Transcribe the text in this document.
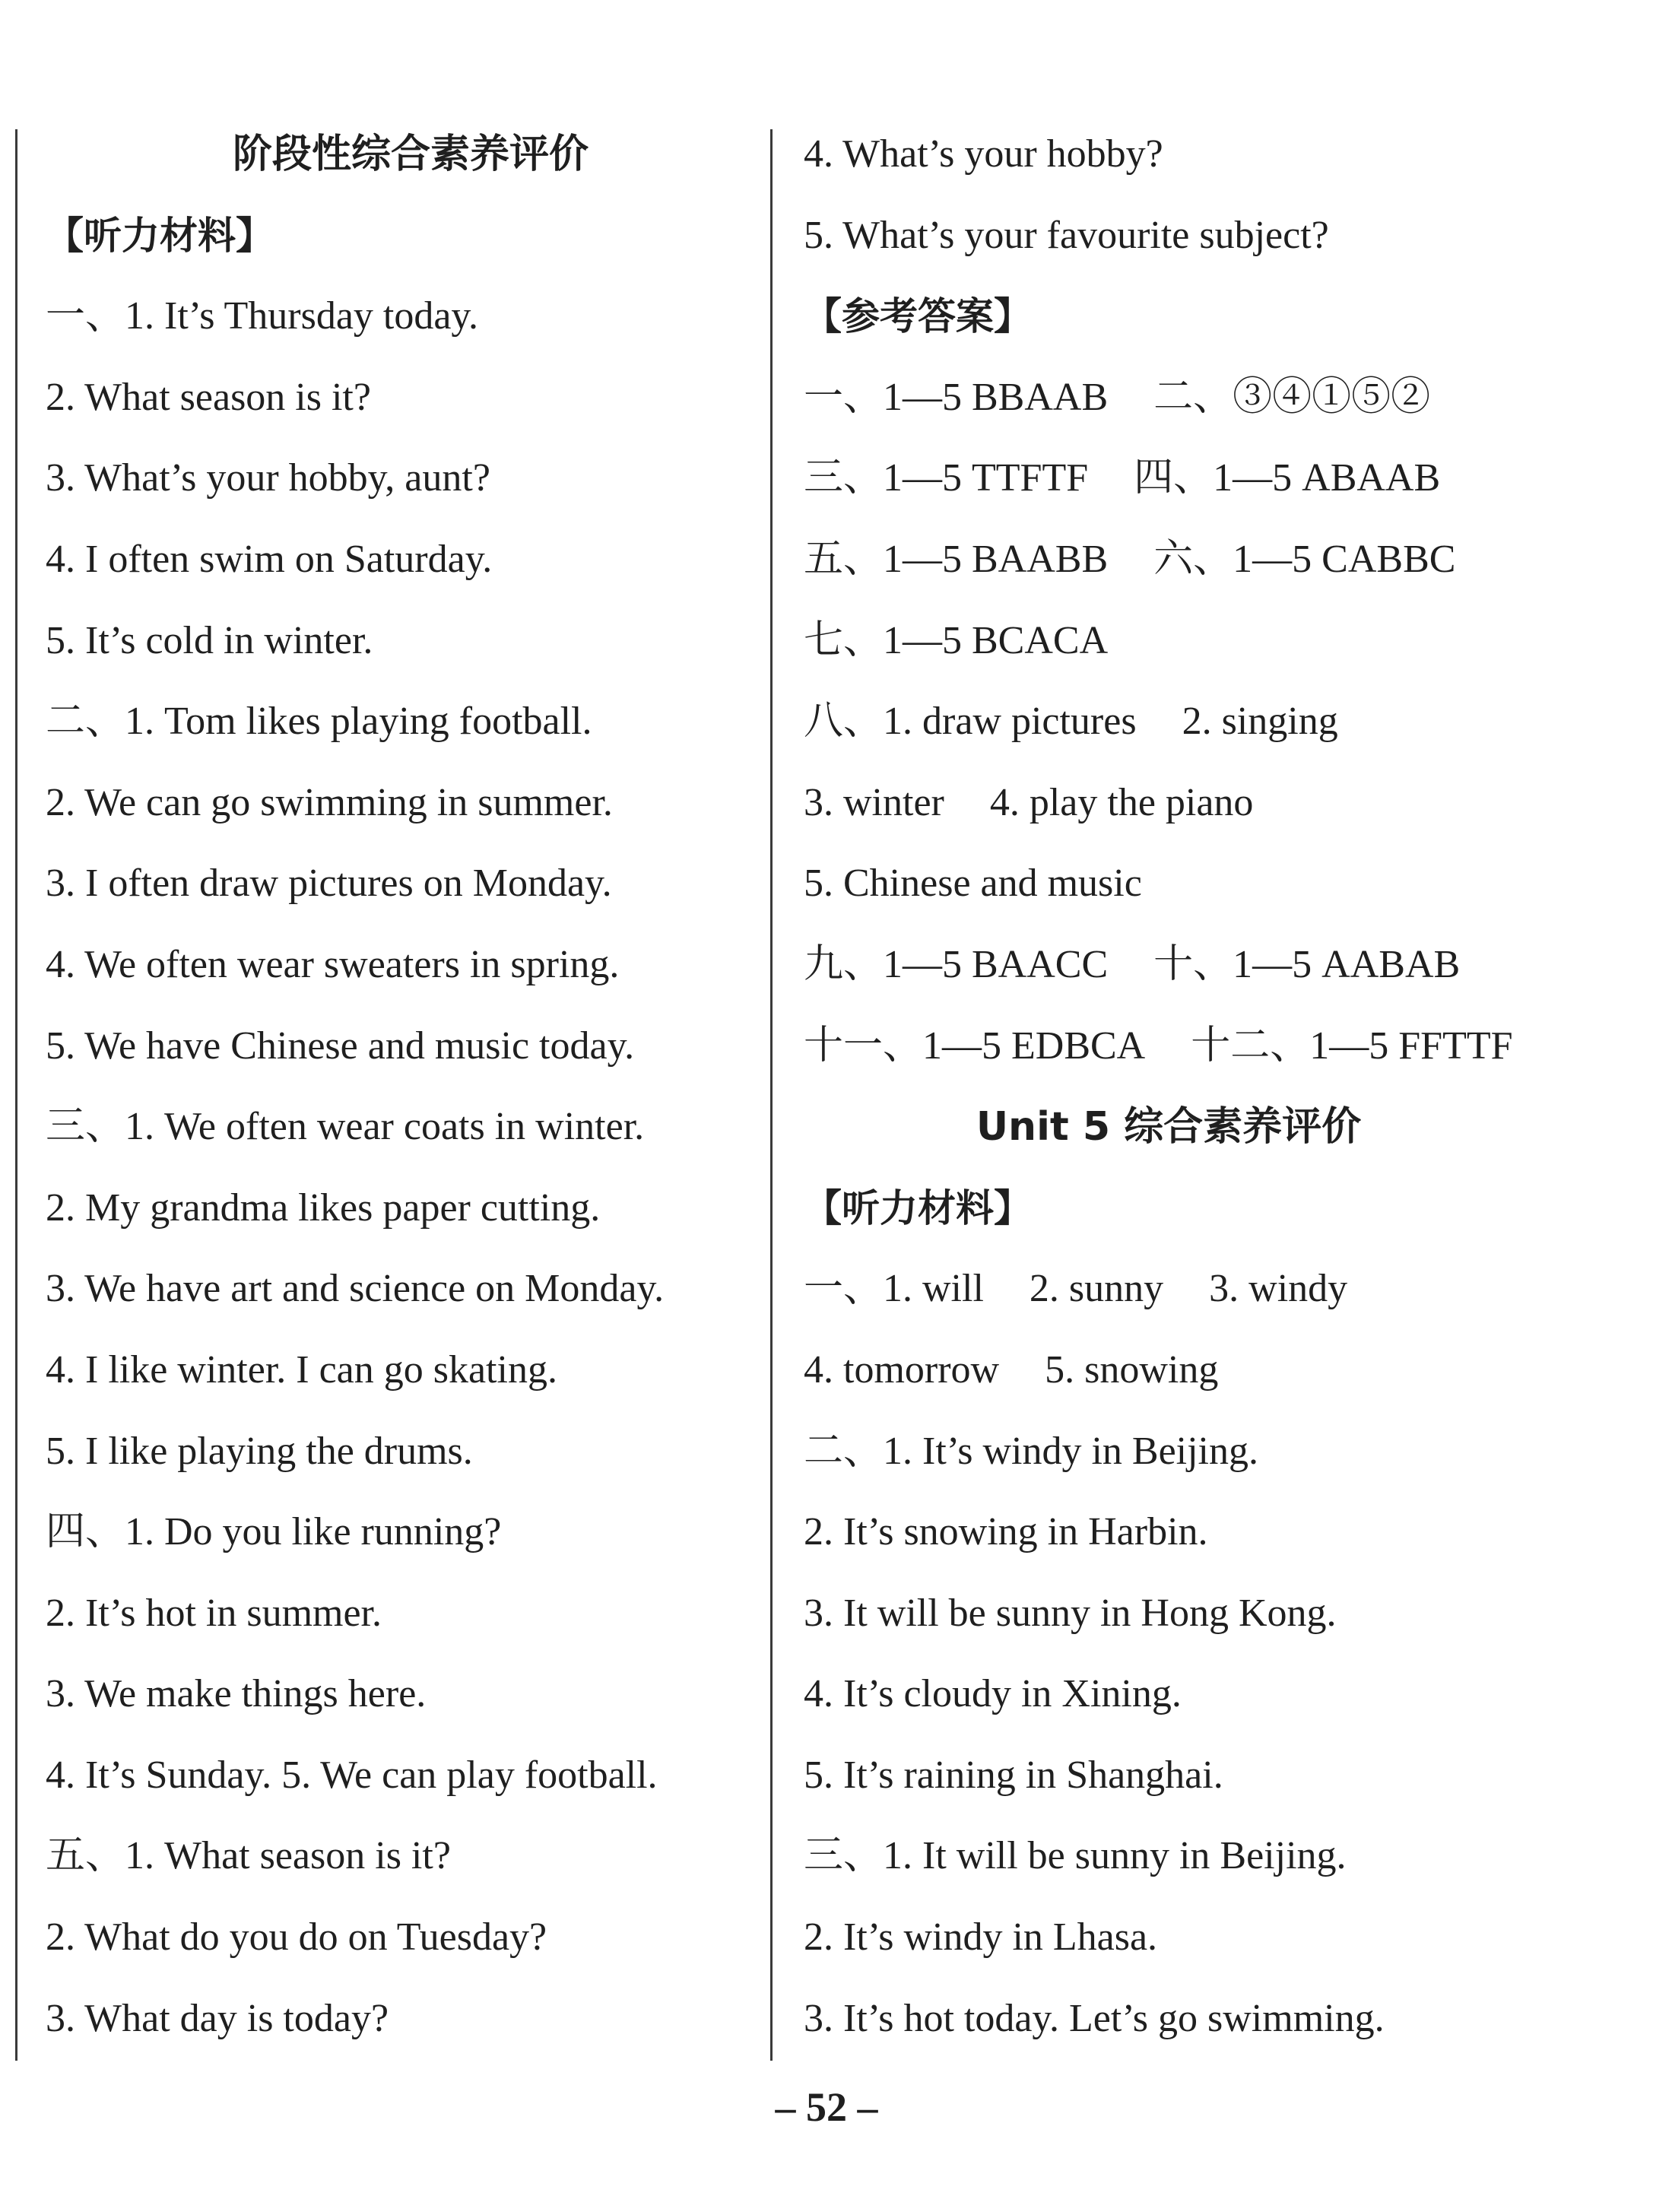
阶段性综合素养评价
【听力材料】
一、1. It’s Thursday today.
2. What season is it?
3. What’s your hobby, aunt?
4. I often swim on Saturday.
5. It’s cold in winter.
二、1. Tom likes playing football.
2. We can go swimming in summer.
3. I often draw pictures on Monday.
4. We often wear sweaters in spring.
5. We have Chinese and music today.
三、1. We often wear coats in winter.
2. My grandma likes paper cutting.
3. We have art and science on Monday.
4. I like winter. I can go skating.
5. I like playing the drums.
四、1. Do you like running?
2. It’s hot in summer.
3. We make things here.
4. It’s Sunday. 5. We can play football.
五、1. What season is it?
2. What do you do on Tuesday?
3. What day is today?
4. What’s your hobby?
5. What’s your favourite subject?
【参考答案】
一、1—5 BBAAB 二、③④①⑤②
三、1—5 TTFTF 四、1—5 ABAAB
五、1—5 BAABB 六、1—5 CABBC
七、1—5 BCACA
八、1. draw pictures 2. singing
3. winter 4. play the piano
5. Chinese and music
九、1—5 BAACC 十、1—5 AABAB
十一、1—5 EDBCA 十二、1—5 FFTTF
Unit 5 综合素养评价
【听力材料】
一、1. will 2. sunny 3. windy
4. tomorrow 5. snowing
二、1. It’s windy in Beijing.
2. It’s snowing in Harbin.
3. It will be sunny in Hong Kong.
4. It’s cloudy in Xining.
5. It’s raining in Shanghai.
三、1. It will be sunny in Beijing.
2. It’s windy in Lhasa.
3. It’s hot today. Let’s go swimming.
– 52 –
